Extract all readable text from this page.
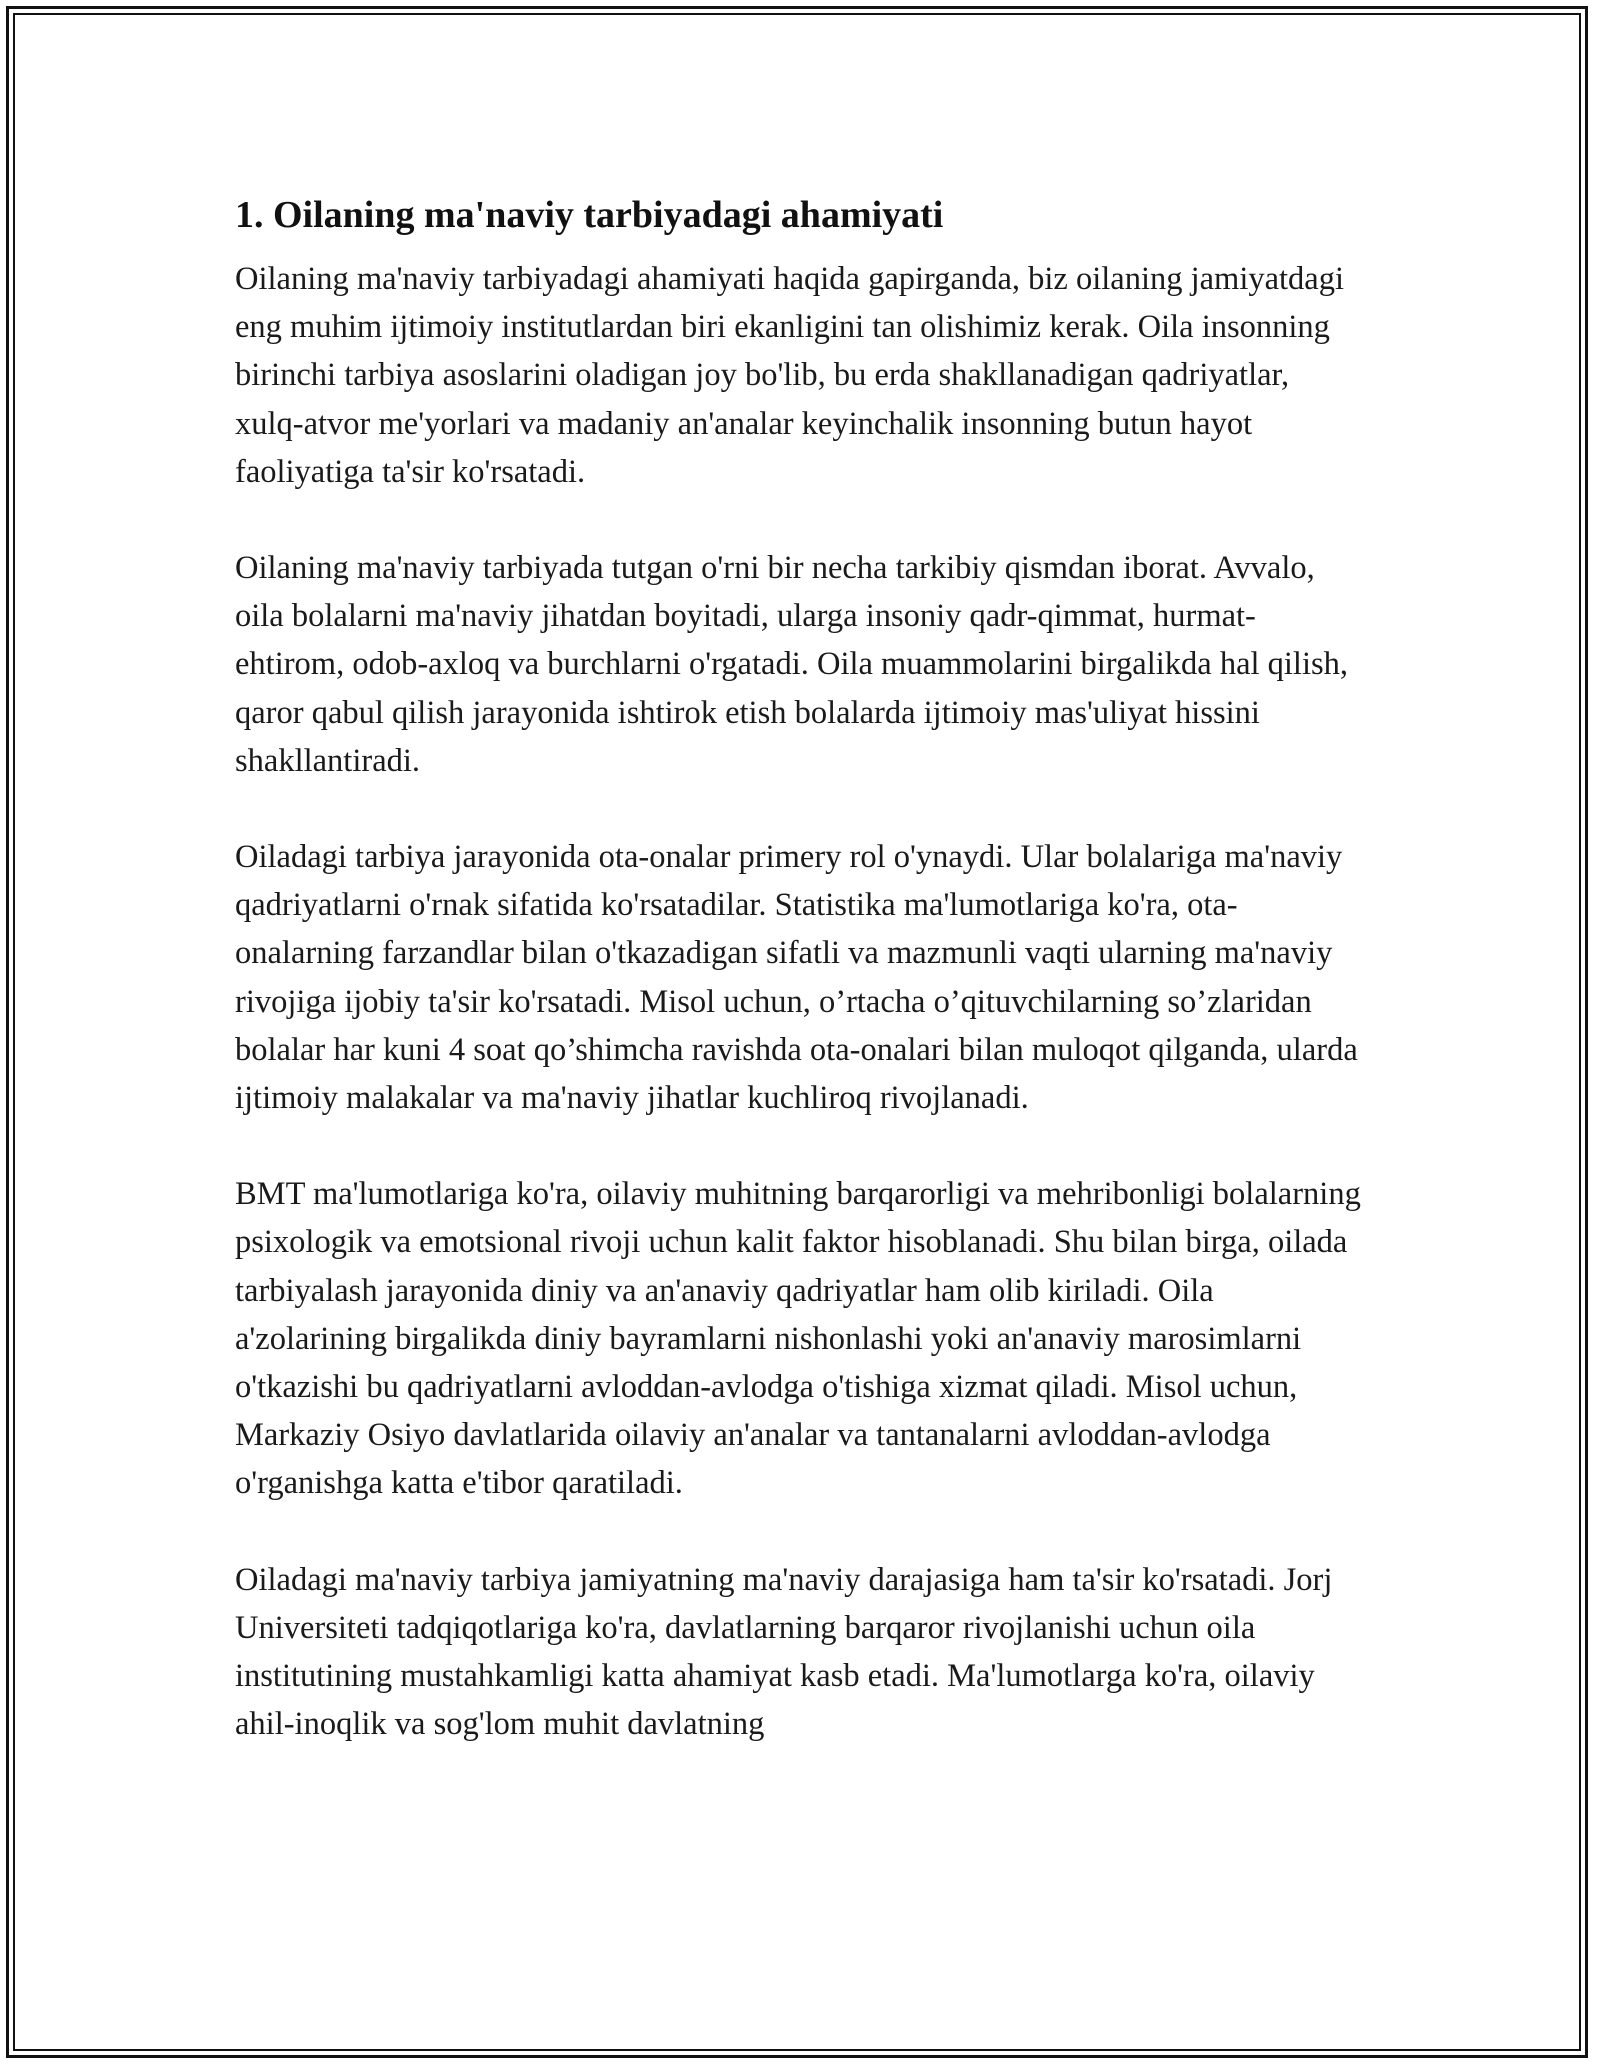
1. Oilaning ma'naviy tarbiyadagi ahamiyati

Oilaning ma'naviy tarbiyadagi ahamiyati haqida gapirganda, biz oilaning jamiyatdagi eng muhim ijtimoiy institutlardan biri ekanligini tan olishimiz kerak. Oila insonning birinchi tarbiya asoslarini oladigan joy bo'lib, bu erda shakllanadigan qadriyatlar, xulq-atvor me'yorlari va madaniy an'analar keyinchalik insonning butun hayot faoliyatiga ta'sir ko'rsatadi.

Oilaning ma'naviy tarbiyada tutgan o'rni bir necha tarkibiy qismdan iborat. Avvalo, oila bolalarni ma'naviy jihatdan boyitadi, ularga insoniy qadr-qimmat, hurmat-ehtirom, odob-axloq va burchlarni o'rgatadi. Oila muammolarini birgalikda hal qilish, qaror qabul qilish jarayonida ishtirok etish bolalarda ijtimoiy mas'uliyat hissini shakllantiradi.

Oiladagi tarbiya jarayonida ota-onalar primery rol o'ynaydi. Ular bolalariga ma'naviy qadriyatlarni o'rnak sifatida ko'rsatadilar. Statistika ma'lumotlariga ko'ra, ota-onalarning farzandlar bilan o'tkazadigan sifatli va mazmunli vaqti ularning ma'naviy rivojiga ijobiy ta'sir ko'rsatadi. Misol uchun, o’rtacha o’qituvchilarning so’zlaridan bolalar har kuni 4 soat qo’shimcha ravishda ota-onalari bilan muloqot qilganda, ularda ijtimoiy malakalar va ma'naviy jihatlar kuchliroq rivojlanadi.

BMT ma'lumotlariga ko'ra, oilaviy muhitning barqarorligi va mehribonligi bolalarning psixologik va emotsional rivoji uchun kalit faktor hisoblanadi. Shu bilan birga, oilada tarbiyalash jarayonida diniy va an'anaviy qadriyatlar ham olib kiriladi. Oila a'zolarining birgalikda diniy bayramlarni nishonlashi yoki an'anaviy marosimlarni o'tkazishi bu qadriyatlarni avloddan-avlodga o'tishiga xizmat qiladi. Misol uchun, Markaziy Osiyo davlatlarida oilaviy an'analar va tantanalarni avloddan-avlodga o'rganishga katta e'tibor qaratiladi.

Oiladagi ma'naviy tarbiya jamiyatning ma'naviy darajasiga ham ta'sir ko'rsatadi. Jorj Universiteti tadqiqotlariga ko'ra, davlatlarning barqaror rivojlanishi uchun oila institutining mustahkamligi katta ahamiyat kasb etadi. Ma'lumotlarga ko'ra, oilaviy ahil-inoqlik va sog'lom muhit davlatning
